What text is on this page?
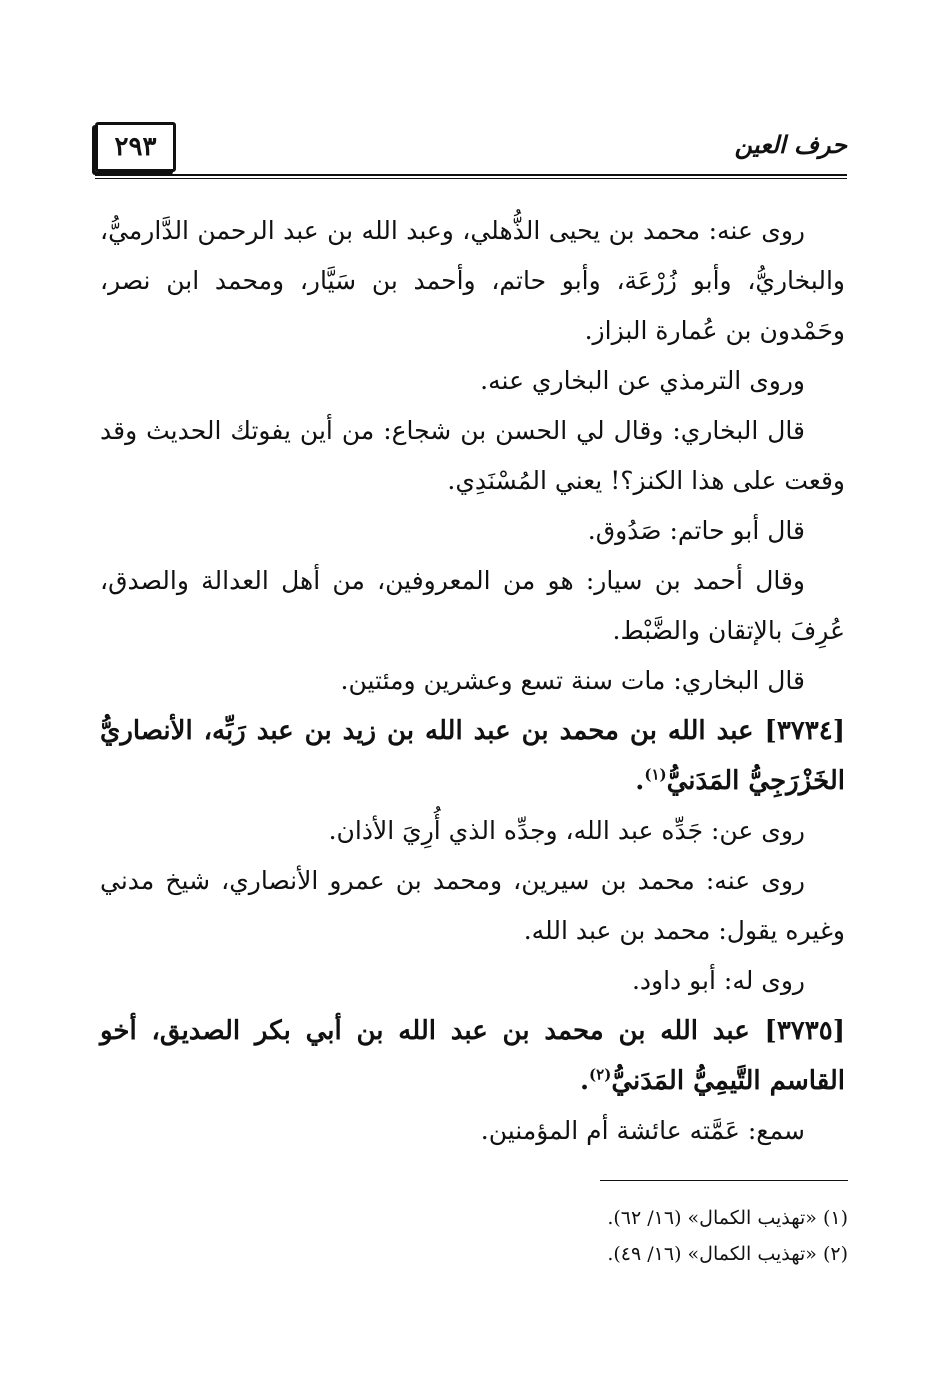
٢٩٣	حرف العين

روى عنه: محمد بن يحيى الذُّهلي، وعبد الله بن عبد الرحمن الدَّارميُّ، والبخاريُّ، وأبو زُرْعَة، وأبو حاتم، وأحمد بن سَيَّار، ومحمد ابن نصر، وحَمْدون بن عُمارة البزاز.

وروى الترمذي عن البخاري عنه.

قال البخاري: وقال لي الحسن بن شجاع: من أين يفوتك الحديث وقد وقعت على هذا الكنز؟! يعني المُسْنَدِي.

قال أبو حاتم: صَدُوق.

وقال أحمد بن سيار: هو من المعروفين، من أهل العدالة والصدق، عُرِفَ بالإتقان والضَّبْط.

قال البخاري: مات سنة تسع وعشرين ومئتين.

[٣٧٣٤] عبد الله بن محمد بن عبد الله بن زيد بن عبد رَبِّه، الأنصاريُّ الخَزْرَجِيُّ المَدَنيُّ$^{(١)}$.

روى عن: جَدِّه عبد الله، وجدِّه الذي أُرِيَ الأذان.

روى عنه: محمد بن سيرين، ومحمد بن عمرو الأنصاري، شيخ مدني وغيره يقول: محمد بن عبد الله.

روى له: أبو داود.

[٣٧٣٥] عبد الله بن محمد بن عبد الله بن أبي بكر الصديق، أخو القاسم التَّيمِيُّ المَدَنيُّ$^{(٢)}$.

سمع: عَمَّته عائشة أم المؤمنين.

(١) «تهذيب الكمال» (١٦/ ٦٢).

(٢) «تهذيب الكمال» (١٦/ ٤٩).
